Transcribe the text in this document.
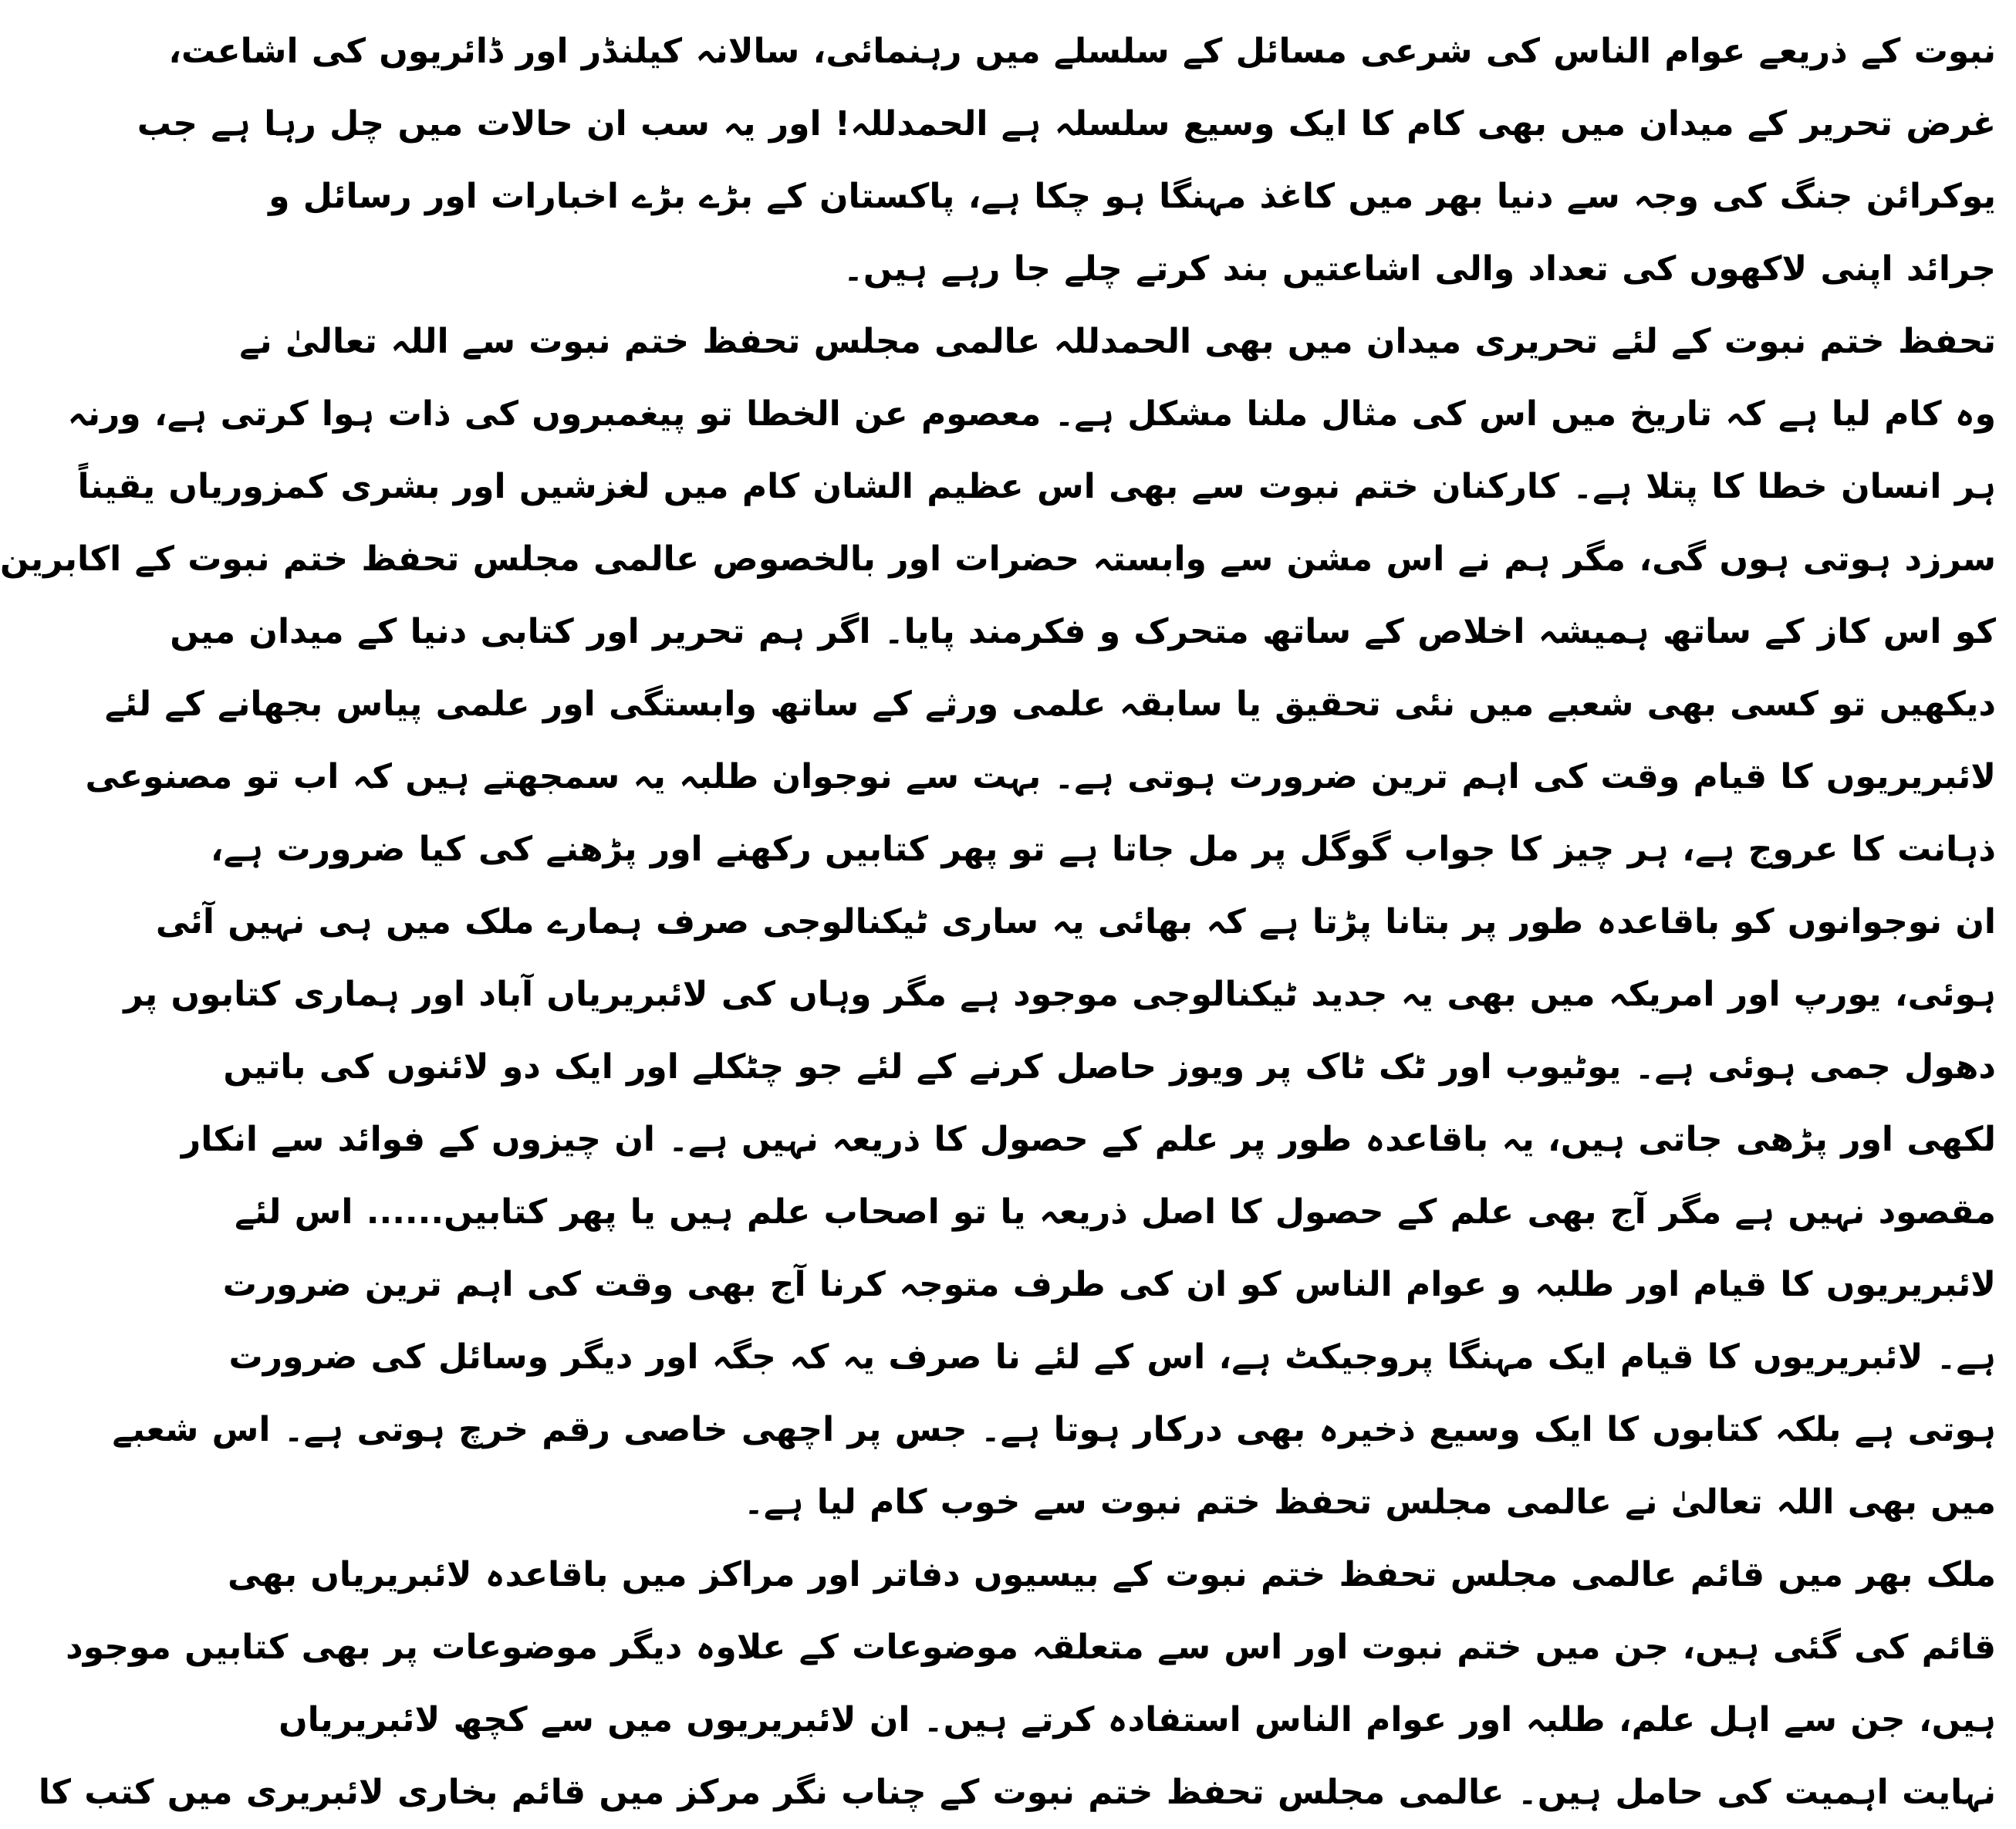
نبوت کے ذریعے عوام الناس کی شرعی مسائل کے سلسلے میں رہنمائی، سالانہ کیلنڈر اور ڈائریوں کی اشاعت،
غرض تحریر کے میدان میں بھی کام کا ایک وسیع سلسلہ ہے الحمدللہ! اور یہ سب ان حالات میں چل رہا ہے جب
یوکرائن جنگ کی وجہ سے دنیا بھر میں کاغذ مہنگا ہو چکا ہے، پاکستان کے بڑے بڑے اخبارات اور رسائل و
جرائد اپنی لاکھوں کی تعداد والی اشاعتیں بند کرتے چلے جا رہے ہیں۔
تحفظ ختم نبوت کے لئے تحریری میدان میں بھی الحمدللہ عالمی مجلس تحفظ ختم نبوت سے اللہ تعالیٰ نے
وہ کام لیا ہے کہ تاریخ میں اس کی مثال ملنا مشکل ہے۔ معصوم عن الخطا تو پیغمبروں کی ذات ہوا کرتی ہے، ورنہ
ہر انسان خطا کا پتلا ہے۔ کارکنان ختم نبوت سے بھی اس عظیم الشان کام میں لغزشیں اور بشری کمزوریاں یقیناً
سرزد ہوتی ہوں گی، مگر ہم نے اس مشن سے وابستہ حضرات اور بالخصوص عالمی مجلس تحفظ ختم نبوت کے اکابرین
کو اس کاز کے ساتھ ہمیشہ اخلاص کے ساتھ متحرک و فکرمند پایا۔ اگر ہم تحریر اور کتابی دنیا کے میدان میں
دیکھیں تو کسی بھی شعبے میں نئی تحقیق یا سابقہ علمی ورثے کے ساتھ وابستگی اور علمی پیاس بجھانے کے لئے
لائبریریوں کا قیام وقت کی اہم ترین ضرورت ہوتی ہے۔ بہت سے نوجوان طلبہ یہ سمجھتے ہیں کہ اب تو مصنوعی
ذہانت کا عروج ہے، ہر چیز کا جواب گوگل پر مل جاتا ہے تو پھر کتابیں رکھنے اور پڑھنے کی کیا ضرورت ہے،
ان نوجوانوں کو باقاعدہ طور پر بتانا پڑتا ہے کہ بھائی یہ ساری ٹیکنالوجی صرف ہمارے ملک میں ہی نہیں آئی
ہوئی، یورپ اور امریکہ میں بھی یہ جدید ٹیکنالوجی موجود ہے مگر وہاں کی لائبریریاں آباد اور ہماری کتابوں پر
دھول جمی ہوئی ہے۔ یوٹیوب اور ٹک ٹاک پر ویوز حاصل کرنے کے لئے جو چٹکلے اور ایک دو لائنوں کی باتیں
لکھی اور پڑھی جاتی ہیں، یہ باقاعدہ طور پر علم کے حصول کا ذریعہ نہیں ہے۔ ان چیزوں کے فوائد سے انکار
مقصود نہیں ہے مگر آج بھی علم کے حصول کا اصل ذریعہ یا تو اصحاب علم ہیں یا پھر کتابیں...... اس لئے
لائبریریوں کا قیام اور طلبہ و عوام الناس کو ان کی طرف متوجہ کرنا آج بھی وقت کی اہم ترین ضرورت
ہے۔ لائبریریوں کا قیام ایک مہنگا پروجیکٹ ہے، اس کے لئے نا صرف یہ کہ جگہ اور دیگر وسائل کی ضرورت
ہوتی ہے بلکہ کتابوں کا ایک وسیع ذخیرہ بھی درکار ہوتا ہے۔ جس پر اچھی خاصی رقم خرچ ہوتی ہے۔ اس شعبے
میں بھی اللہ تعالیٰ نے عالمی مجلس تحفظ ختم نبوت سے خوب کام لیا ہے۔
ملک بھر میں قائم عالمی مجلس تحفظ ختم نبوت کے بیسیوں دفاتر اور مراکز میں باقاعدہ لائبریریاں بھی
قائم کی گئی ہیں، جن میں ختم نبوت اور اس سے متعلقہ موضوعات کے علاوہ دیگر موضوعات پر بھی کتابیں موجود
ہیں، جن سے اہل علم، طلبہ اور عوام الناس استفادہ کرتے ہیں۔ ان لائبریریوں میں سے کچھ لائبریریاں
نہایت اہمیت کی حامل ہیں۔ عالمی مجلس تحفظ ختم نبوت کے چناب نگر مرکز میں قائم بخاری لائبریری میں کتب کا
